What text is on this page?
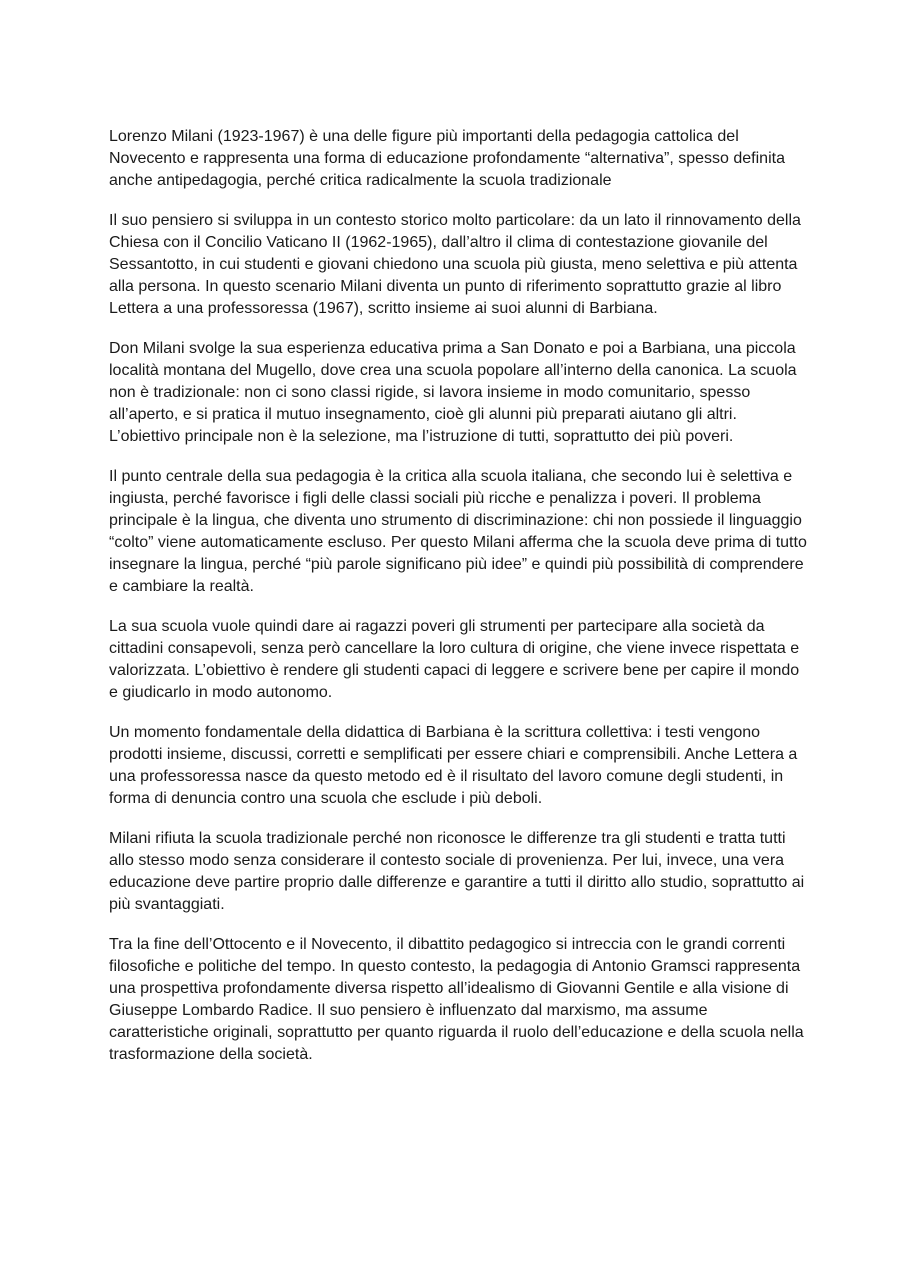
Lorenzo Milani (1923-1967) è una delle figure più importanti della pedagogia cattolica del Novecento e rappresenta una forma di educazione profondamente “alternativa”, spesso definita anche antipedagogia, perché critica radicalmente la scuola tradizionale

Il suo pensiero si sviluppa in un contesto storico molto particolare: da un lato il rinnovamento della Chiesa con il Concilio Vaticano II (1962-1965), dall’altro il clima di contestazione giovanile del Sessantotto, in cui studenti e giovani chiedono una scuola più giusta, meno selettiva e più attenta alla persona. In questo scenario Milani diventa un punto di riferimento soprattutto grazie al libro Lettera a una professoressa (1967), scritto insieme ai suoi alunni di Barbiana.

Don Milani svolge la sua esperienza educativa prima a San Donato e poi a Barbiana, una piccola località montana del Mugello, dove crea una scuola popolare all’interno della canonica. La scuola non è tradizionale: non ci sono classi rigide, si lavora insieme in modo comunitario, spesso all’aperto, e si pratica il mutuo insegnamento, cioè gli alunni più preparati aiutano gli altri. L’obiettivo principale non è la selezione, ma l’istruzione di tutti, soprattutto dei più poveri.

Il punto centrale della sua pedagogia è la critica alla scuola italiana, che secondo lui è selettiva e ingiusta, perché favorisce i figli delle classi sociali più ricche e penalizza i poveri. Il problema principale è la lingua, che diventa uno strumento di discriminazione: chi non possiede il linguaggio “colto” viene automaticamente escluso. Per questo Milani afferma che la scuola deve prima di tutto insegnare la lingua, perché “più parole significano più idee” e quindi più possibilità di comprendere e cambiare la realtà.

La sua scuola vuole quindi dare ai ragazzi poveri gli strumenti per partecipare alla società da cittadini consapevoli, senza però cancellare la loro cultura di origine, che viene invece rispettata e valorizzata. L’obiettivo è rendere gli studenti capaci di leggere e scrivere bene per capire il mondo e giudicarlo in modo autonomo.

Un momento fondamentale della didattica di Barbiana è la scrittura collettiva: i testi vengono prodotti insieme, discussi, corretti e semplificati per essere chiari e comprensibili. Anche Lettera a una professoressa nasce da questo metodo ed è il risultato del lavoro comune degli studenti, in forma di denuncia contro una scuola che esclude i più deboli.

Milani rifiuta la scuola tradizionale perché non riconosce le differenze tra gli studenti e tratta tutti allo stesso modo senza considerare il contesto sociale di provenienza. Per lui, invece, una vera educazione deve partire proprio dalle differenze e garantire a tutti il diritto allo studio, soprattutto ai più svantaggiati.

Tra la fine dell’Ottocento e il Novecento, il dibattito pedagogico si intreccia con le grandi correnti filosofiche e politiche del tempo. In questo contesto, la pedagogia di Antonio Gramsci rappresenta una prospettiva profondamente diversa rispetto all’idealismo di Giovanni Gentile e alla visione di Giuseppe Lombardo Radice. Il suo pensiero è influenzato dal marxismo, ma assume caratteristiche originali, soprattutto per quanto riguarda il ruolo dell’educazione e della scuola nella trasformazione della società.
